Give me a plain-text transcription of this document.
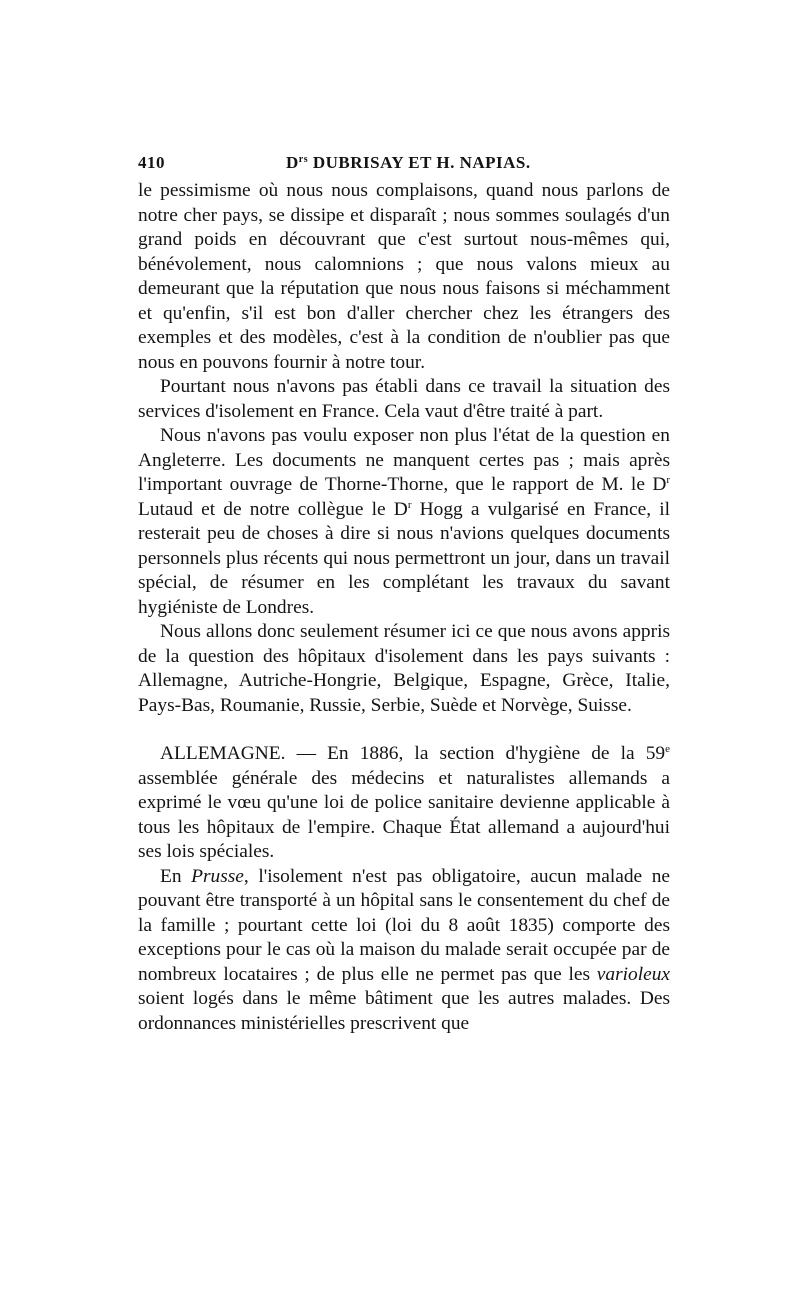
410	$D^{rs}$ DUBRISAY ET H. NAPIAS.

le pessimisme où nous nous complaisons, quand nous parlons de notre cher pays, se dissipe et disparaît ; nous sommes soulagés d'un grand poids en découvrant que c'est surtout nous-mêmes qui, bénévolement, nous calomnions ; que nous valons mieux au demeurant que la réputation que nous nous faisons si méchamment et qu'enfin, s'il est bon d'aller chercher chez les étrangers des exemples et des modèles, c'est à la condition de n'oublier pas que nous en pouvons fournir à notre tour.

Pourtant nous n'avons pas établi dans ce travail la situation des services d'isolement en France. Cela vaut d'être traité à part.

Nous n'avons pas voulu exposer non plus l'état de la question en Angleterre. Les documents ne manquent certes pas ; mais après l'important ouvrage de Thorne-Thorne, que le rapport de M. le $D^r$ Lutaud et de notre collègue le $D^r$ Hogg a vulgarisé en France, il resterait peu de choses à dire si nous n'avions quelques documents personnels plus récents qui nous permettront un jour, dans un travail spécial, de résumer en les complétant les travaux du savant hygiéniste de Londres.

Nous allons donc seulement résumer ici ce que nous avons appris de la question des hôpitaux d'isolement dans les pays suivants : Allemagne, Autriche-Hongrie, Belgique, Espagne, Grèce, Italie, Pays-Bas, Roumanie, Russie, Serbie, Suède et Norvège, Suisse.

ALLEMAGNE. — En 1886, la section d'hygiène de la 59e assemblée générale des médecins et naturalistes allemands a exprimé le vœu qu'une loi de police sanitaire devienne applicable à tous les hôpitaux de l'empire. Chaque État allemand a aujourd'hui ses lois spéciales.

En Prusse, l'isolement n'est pas obligatoire, aucun malade ne pouvant être transporté à un hôpital sans le consentement du chef de la famille ; pourtant cette loi (loi du 8 août 1835) comporte des exceptions pour le cas où la maison du malade serait occupée par de nombreux locataires ; de plus elle ne permet pas que les varioleux soient logés dans le même bâtiment que les autres malades. Des ordonnances ministérielles prescrivent que
